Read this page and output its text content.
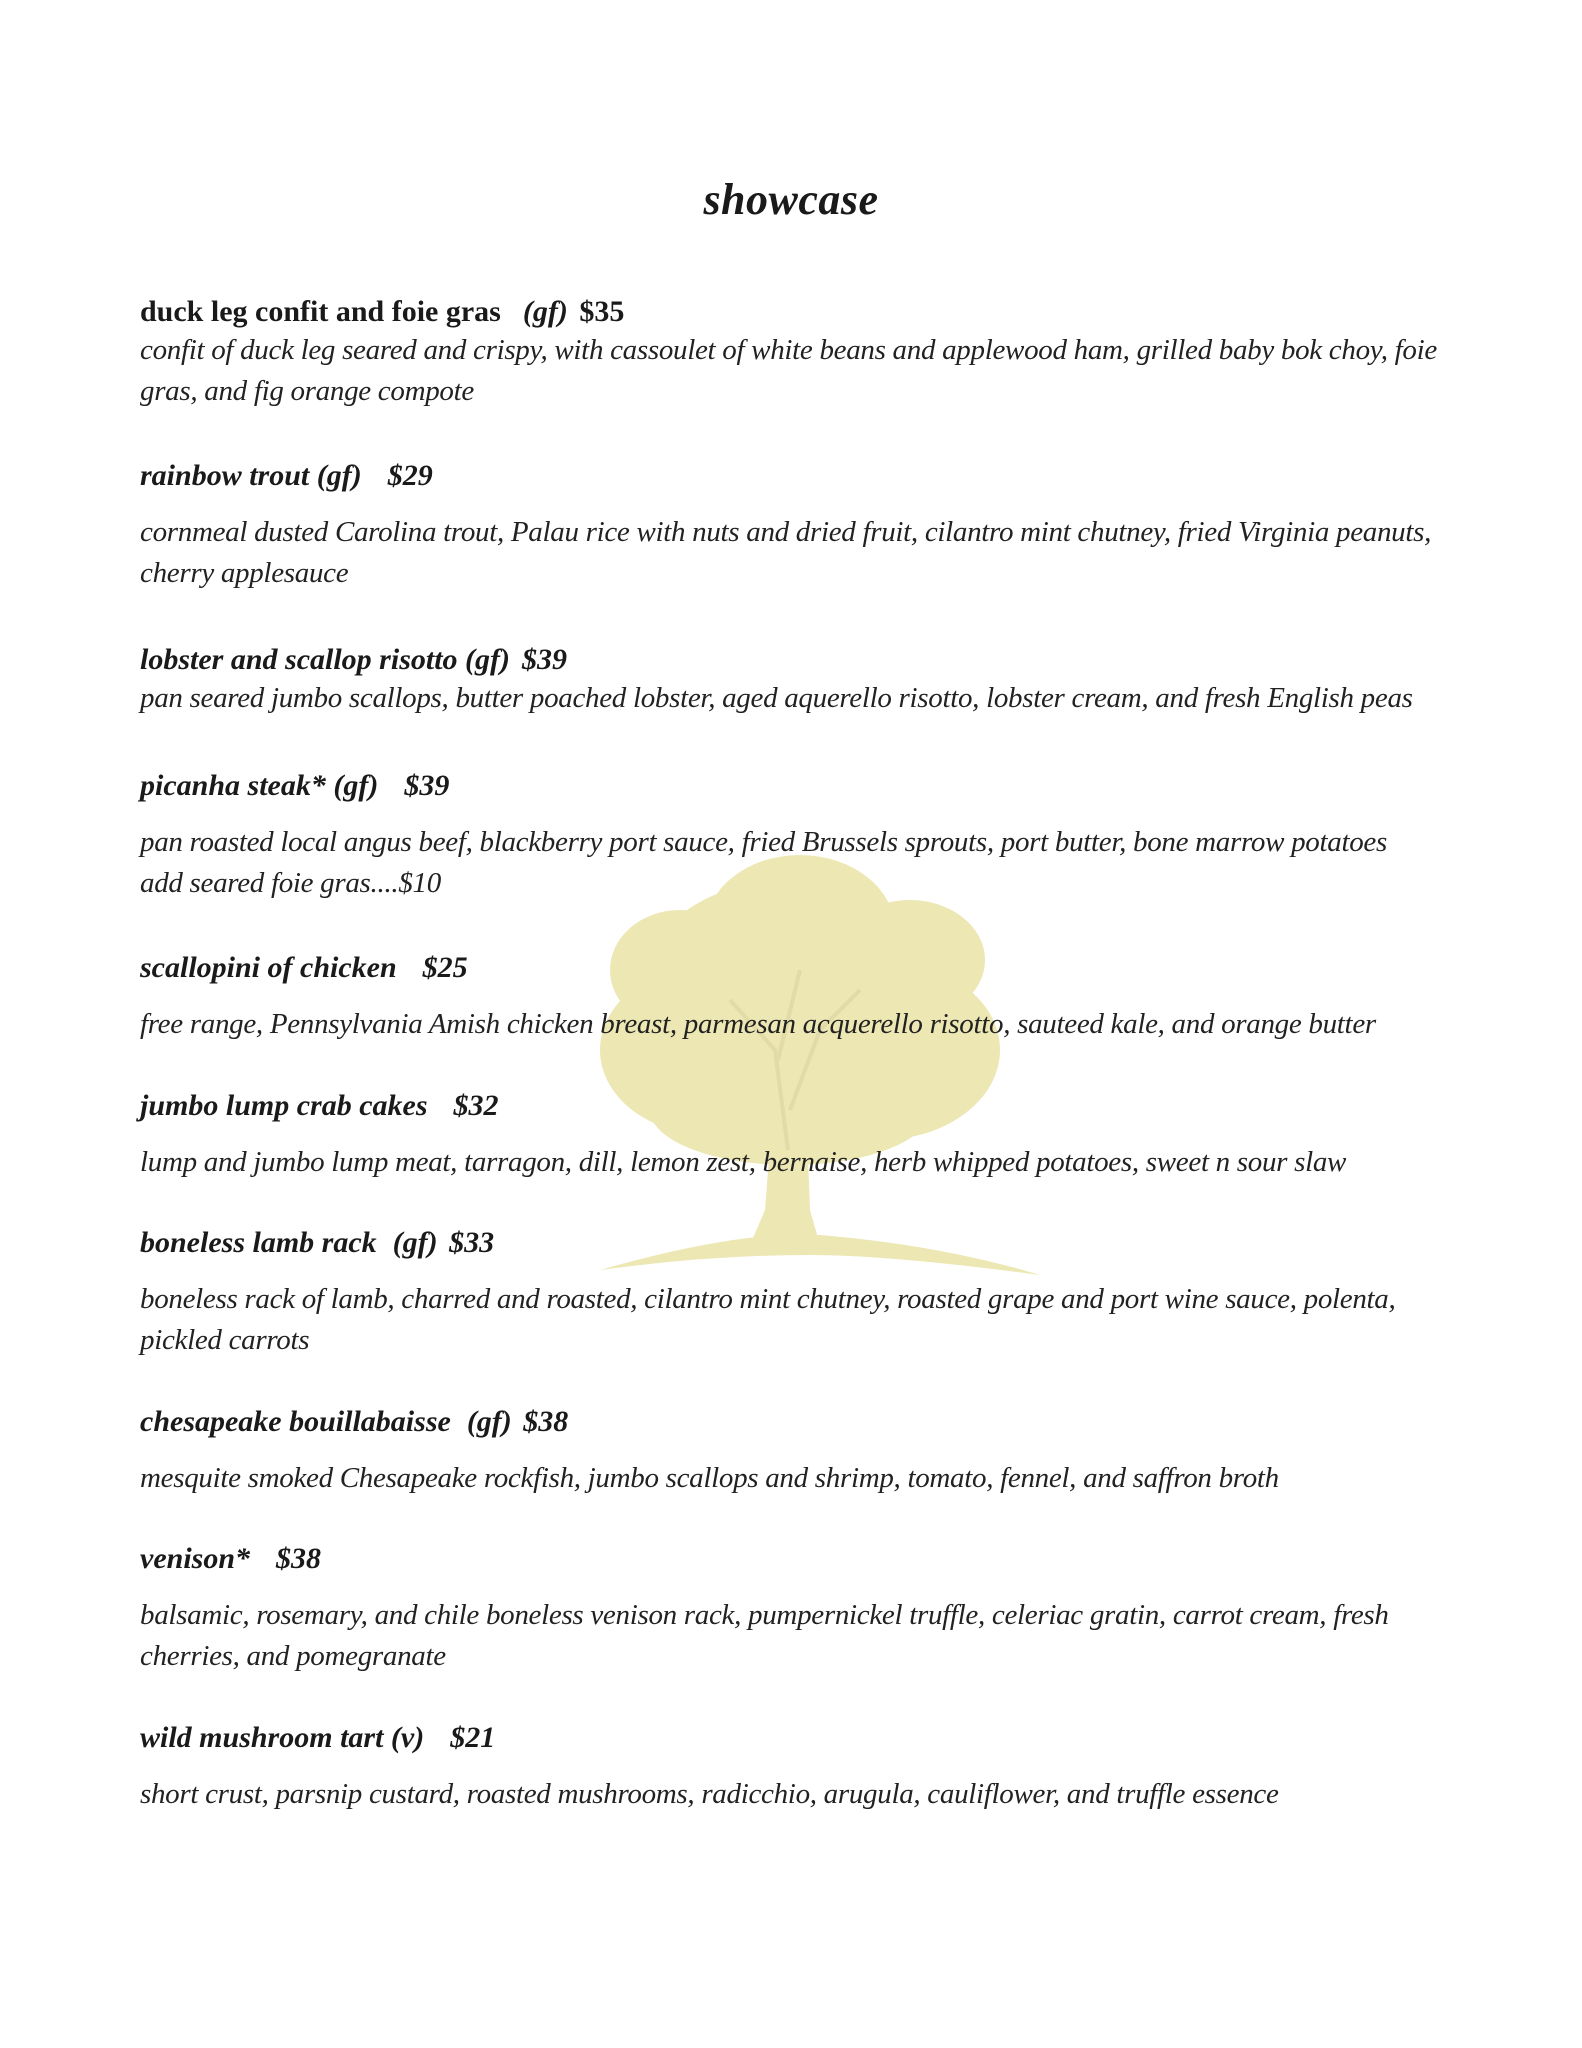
showcase
duck leg confit and foie gras (gf) $35
confit of duck leg seared and crispy, with cassoulet of white beans and applewood ham, grilled baby bok choy, foie gras, and fig orange compote
rainbow trout (gf) $29
cornmeal dusted Carolina trout, Palau rice with nuts and dried fruit, cilantro mint chutney, fried Virginia peanuts, cherry applesauce
lobster and scallop risotto (gf) $39
pan seared jumbo scallops, butter poached lobster, aged aquerello risotto, lobster cream, and fresh English peas
picanha steak* (gf) $39
pan roasted local angus beef, blackberry port sauce, fried Brussels sprouts, port butter, bone marrow potatoes
add seared foie gras....$10
scallopini of chicken $25
free range, Pennsylvania Amish chicken breast, parmesan acquerello risotto, sauteed kale, and orange butter
jumbo lump crab cakes $32
lump and jumbo lump meat, tarragon, dill, lemon zest, bernaise, herb whipped potatoes, sweet n sour slaw
boneless lamb rack (gf) $33
boneless rack of lamb, charred and roasted, cilantro mint chutney, roasted grape and port wine sauce, polenta, pickled carrots
chesapeake bouillabaisse (gf) $38
mesquite smoked Chesapeake rockfish, jumbo scallops and shrimp, tomato, fennel, and saffron broth
venison* $38
balsamic, rosemary, and chile boneless venison rack, pumpernickel truffle, celeriac gratin, carrot cream, fresh cherries, and pomegranate
wild mushroom tart (v) $21
short crust, parsnip custard, roasted mushrooms, radicchio, arugula, cauliflower, and truffle essence
